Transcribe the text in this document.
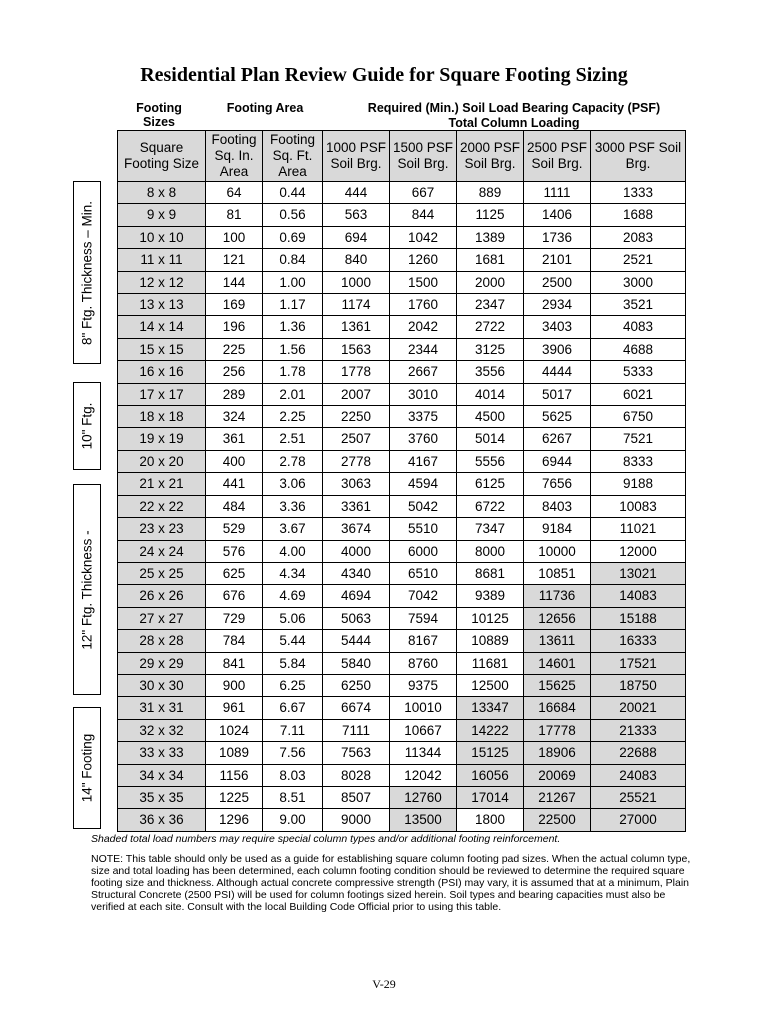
Residential Plan Review Guide for Square Footing Sizing
Footing Sizes
Footing Area	Required (Min.) Soil Load Bearing Capacity (PSF)
Total Column Loading
Square Footing Size	Footing Sq. In. Area	Footing Sq. Ft. Area	1000 PSF Soil Brg.	1500 PSF Soil Brg.	2000 PSF Soil Brg.	2500 PSF Soil Brg.	3000 PSF Soil Brg.
8 x 8	64	0.44	444	667	889	1111	1333
9 x 9	81	0.56	563	844	1125	1406	1688
10 x 10	100	0.69	694	1042	1389	1736	2083
11 x 11	121	0.84	840	1260	1681	2101	2521
12 x 12	144	1.00	1000	1500	2000	2500	3000
13 x 13	169	1.17	1174	1760	2347	2934	3521
14 x 14	196	1.36	1361	2042	2722	3403	4083
15 x 15	225	1.56	1563	2344	3125	3906	4688
16 x 16	256	1.78	1778	2667	3556	4444	5333
17 x 17	289	2.01	2007	3010	4014	5017	6021
18 x 18	324	2.25	2250	3375	4500	5625	6750
19 x 19	361	2.51	2507	3760	5014	6267	7521
20 x 20	400	2.78	2778	4167	5556	6944	8333
21 x 21	441	3.06	3063	4594	6125	7656	9188
22 x 22	484	3.36	3361	5042	6722	8403	10083
23 x 23	529	3.67	3674	5510	7347	9184	11021
24 x 24	576	4.00	4000	6000	8000	10000	12000
25 x 25	625	4.34	4340	6510	8681	10851	13021
26 x 26	676	4.69	4694	7042	9389	11736	14083
27 x 27	729	5.06	5063	7594	10125	12656	15188
28 x 28	784	5.44	5444	8167	10889	13611	16333
29 x 29	841	5.84	5840	8760	11681	14601	17521
30 x 30	900	6.25	6250	9375	12500	15625	18750
31 x 31	961	6.67	6674	10010	13347	16684	20021
32 x 32	1024	7.11	7111	10667	14222	17778	21333
33 x 33	1089	7.56	7563	11344	15125	18906	22688
34 x 34	1156	8.03	8028	12042	16056	20069	24083
35 x 35	1225	8.51	8507	12760	17014	21267	25521
36 x 36	1296	9.00	9000	13500	1800	22500	27000
8" Ftg. Thickness – Min.
10" Ftg.
12" Ftg. Thickness -
14" Footing
Shaded total load numbers may require special column types and/or additional footing reinforcement.
NOTE: This table should only be used as a guide for establishing square column footing pad sizes. When the actual column type, size and total loading has been determined, each column footing condition should be reviewed to determine the required square footing size and thickness. Although actual concrete compressive strength (PSI) may vary, it is assumed that at a minimum, Plain Structural Concrete (2500 PSI) will be used for column footings sized herein. Soil types and bearing capacities must also be verified at each site. Consult with the local Building Code Official prior to using this table.
V-29
